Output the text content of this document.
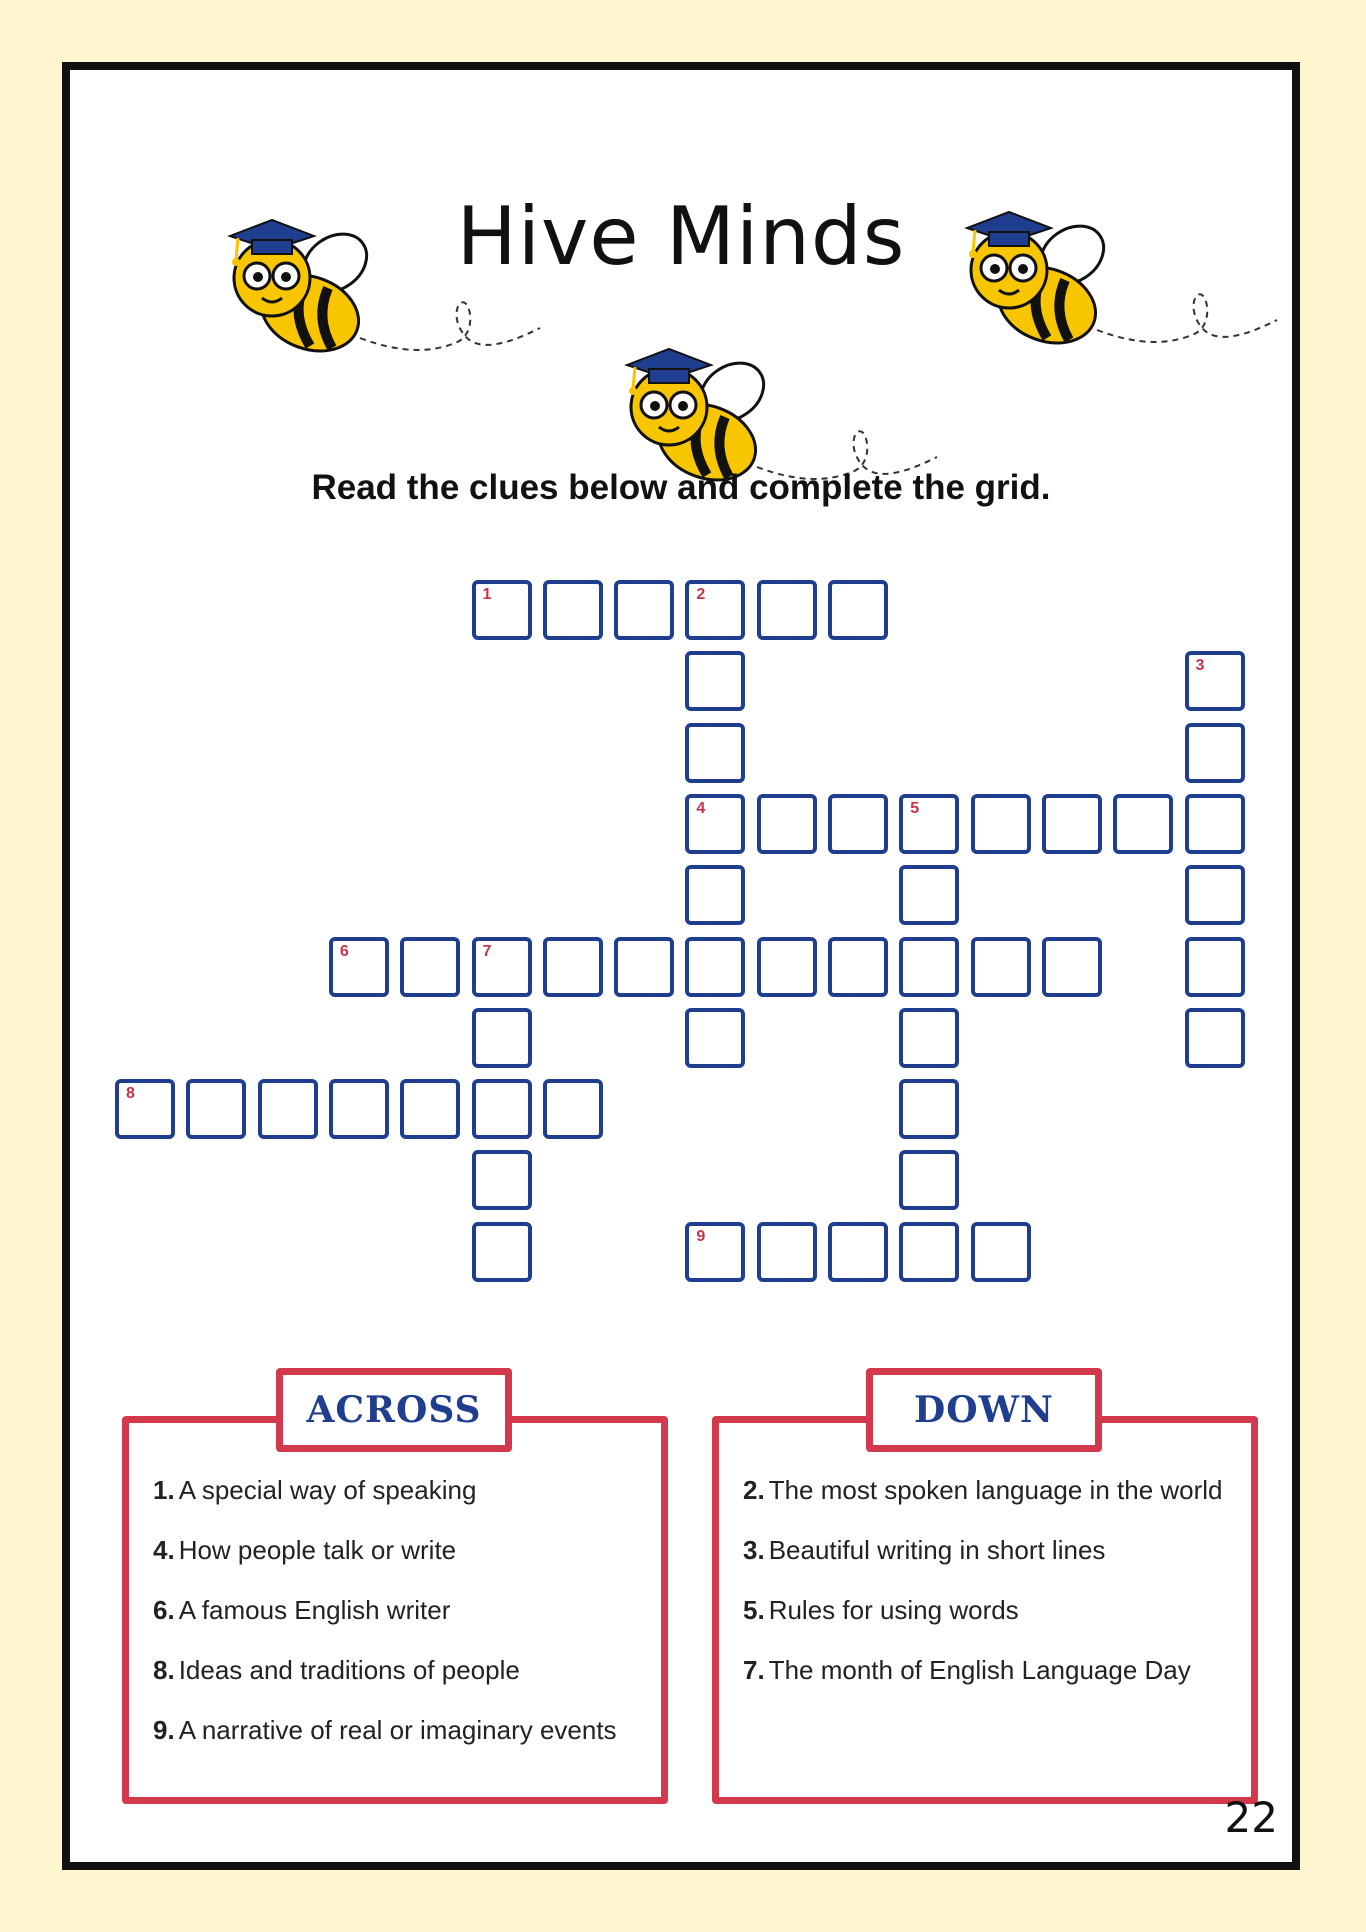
Hive Minds

Read the clues below and complete the grid.

1	2
4
3
5
6	7
8
9
1. A special way of speaking
4. How people talk or write
6. A famous English writer
8. Ideas and traditions of people
9. A narrative of real or imaginary events
ACROSS
2. The most spoken language in the world
3. Beautiful writing in short lines
5. Rules for using words
7. The month of English Language Day
DOWN
22
